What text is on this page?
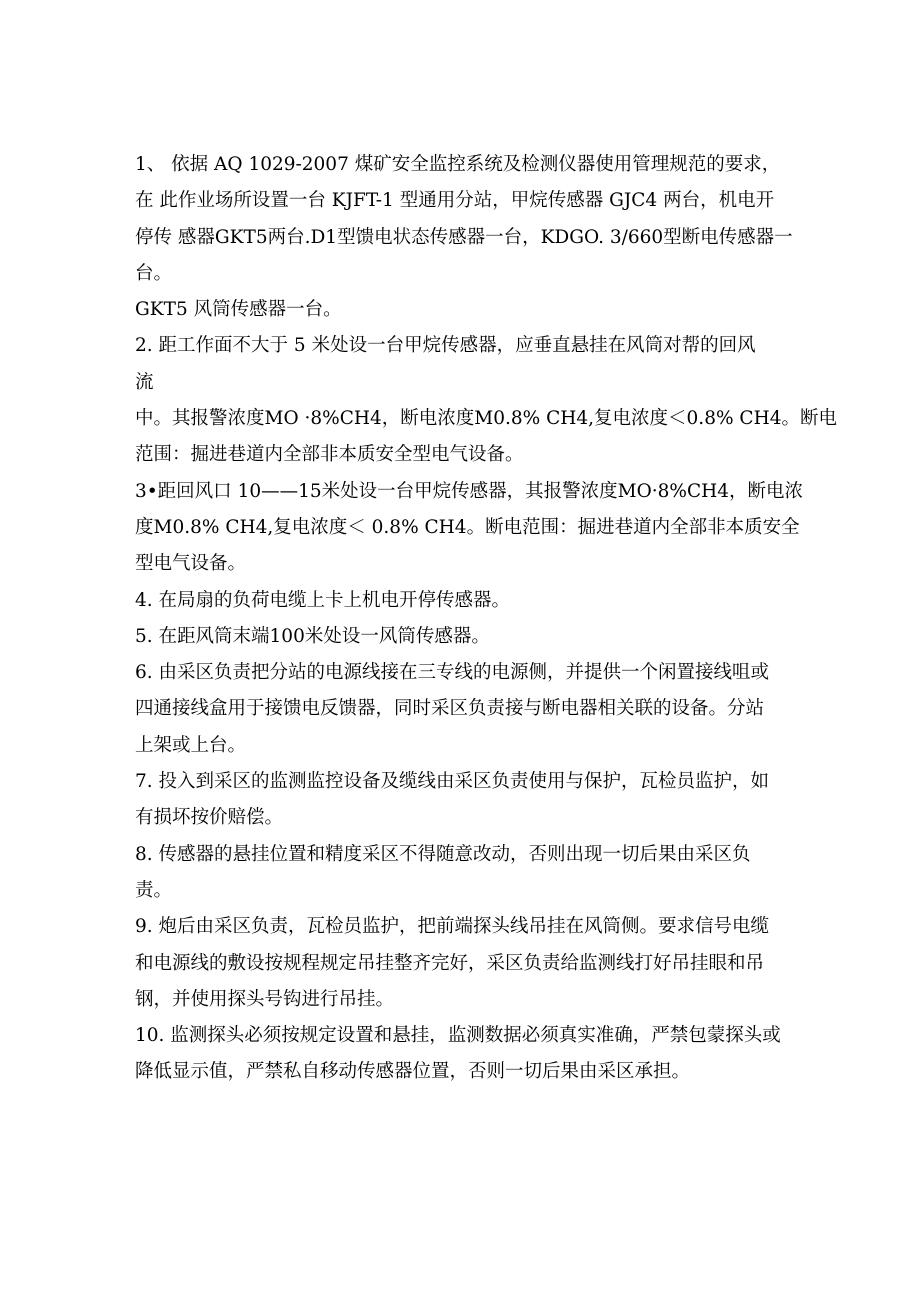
1、 依据 AQ 1029-2007 煤矿安全监控系统及检测仪器使用管理规范的要求，
在 此作业场所设置一台 KJFT-1 型通用分站，甲烷传感器 GJC4 两台，机电开
停传 感器GKT5两台.D1型馈电状态传感器一台，KDGO. 3/660型断电传感器一
台。
GKT5 风筒传感器一台。
2. 距工作面不大于 5 米处设一台甲烷传感器，应垂直悬挂在风筒对帮的回风
流
中。其报警浓度MO ·8%CH4，断电浓度M0.8% CH4,复电浓度＜0.8% CH4。断电
范围：掘进巷道内全部非本质安全型电气设备。
3•距回风口 10——15米处设一台甲烷传感器，其报警浓度MO·8%CH4，断电浓
度M0.8% CH4,复电浓度＜ 0.8% CH4。断电范围：掘进巷道内全部非本质安全
型电气设备。
4. 在局扇的负荷电缆上卡上机电开停传感器。
5. 在距风筒末端100米处设一风筒传感器。
6. 由采区负责把分站的电源线接在三专线的电源侧，并提供一个闲置接线咀或
四通接线盒用于接馈电反馈器，同时采区负责接与断电器相关联的设备。分站
上架或上台。
7. 投入到采区的监测监控设备及缆线由采区负责使用与保护，瓦检员监护，如
有损坏按价赔偿。
8. 传感器的悬挂位置和精度采区不得随意改动，否则出现一切后果由采区负
责。
9. 炮后由采区负责，瓦检员监护，把前端探头线吊挂在风筒侧。要求信号电缆
和电源线的敷设按规程规定吊挂整齐完好，采区负责给监测线打好吊挂眼和吊
钢，并使用探头号钩进行吊挂。
10. 监测探头必须按规定设置和悬挂，监测数据必须真实准确，严禁包蒙探头或
降低显示值，严禁私自移动传感器位置，否则一切后果由采区承担。
